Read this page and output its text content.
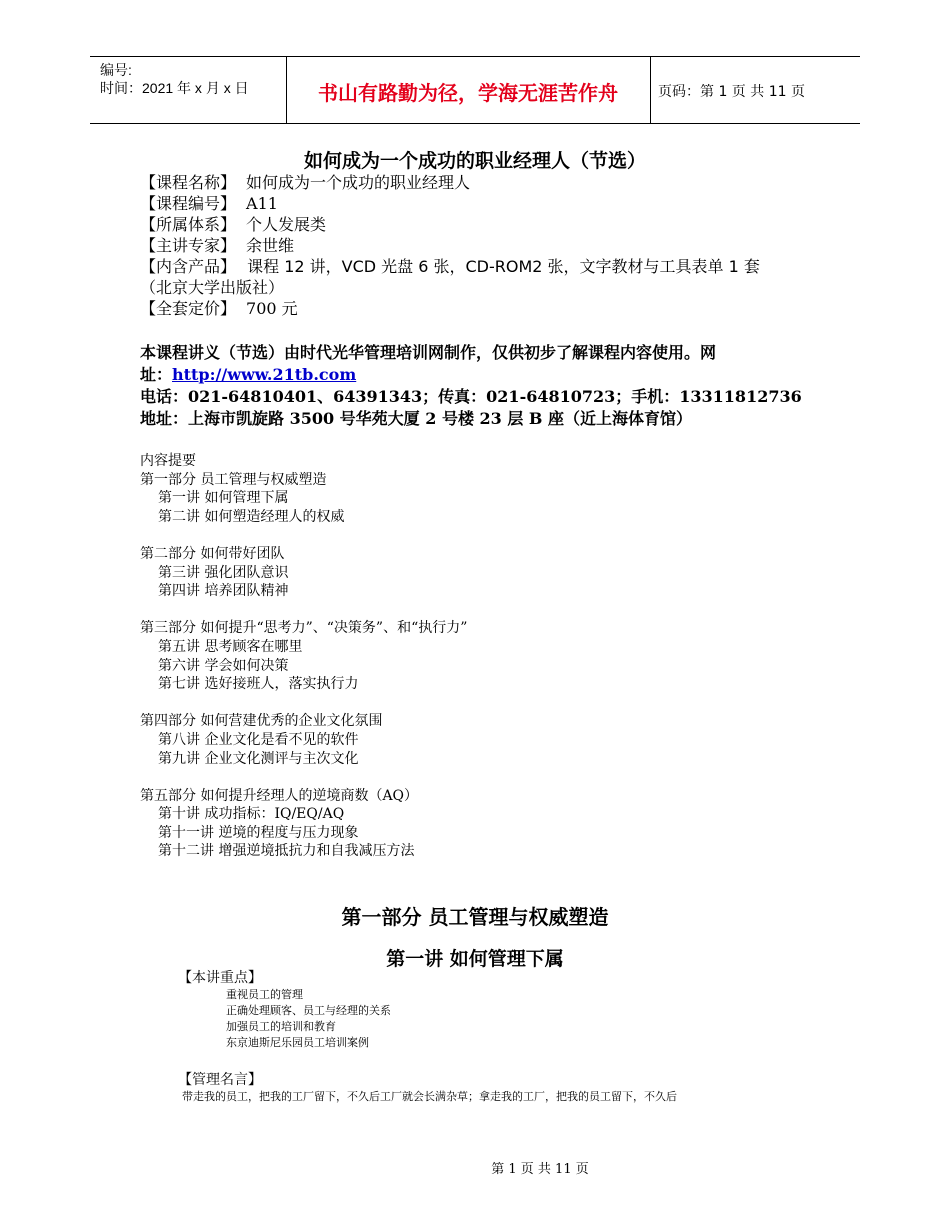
编号:
时间：2021 年 x 月 x 日	书山有路勤为径，学海无涯苦作舟	页码：第 1 页 共 11 页
如何成为一个成功的职业经理人（节选）
【课程名称】 如何成为一个成功的职业经理人
【课程编号】 A11
【所属体系】 个人发展类
【主讲专家】 余世维
【内含产品】 课程 12 讲，VCD 光盘 6 张，CD-ROM2 张，文字教材与工具表单 1 套
（北京大学出版社）
【全套定价】 700 元
本课程讲义（节选）由时代光华管理培训网制作，仅供初步了解课程内容使用。网
址：http://www.21tb.com
电话：021-64810401、64391343；传真：021-64810723；手机：13311812736
地址：上海市凯旋路 3500 号华苑大厦 2 号楼 23 层 B 座（近上海体育馆）
内容提要
第一部分 员工管理与权威塑造
第一讲 如何管理下属
第二讲 如何塑造经理人的权威
第二部分 如何带好团队
第三讲 强化团队意识
第四讲 培养团队精神
第三部分 如何提升“思考力”、“决策务”、和“执行力”
第五讲 思考顾客在哪里
第六讲 学会如何决策
第七讲 选好接班人，落实执行力
第四部分 如何营建优秀的企业文化氛围
第八讲 企业文化是看不见的软件
第九讲 企业文化测评与主次文化
第五部分 如何提升经理人的逆境商数（AQ）
第十讲 成功指标：IQ/EQ/AQ
第十一讲 逆境的程度与压力现象
第十二讲 增强逆境抵抗力和自我减压方法
第一部分 员工管理与权威塑造
第一讲 如何管理下属
【本讲重点】
重视员工的管理
正确处理顾客、员工与经理的关系
加强员工的培训和教育
东京迪斯尼乐园员工培训案例
【管理名言】
带走我的员工，把我的工厂留下，不久后工厂就会长满杂草；拿走我的工厂，把我的员工留下，不久后
第 1 页 共 11 页
